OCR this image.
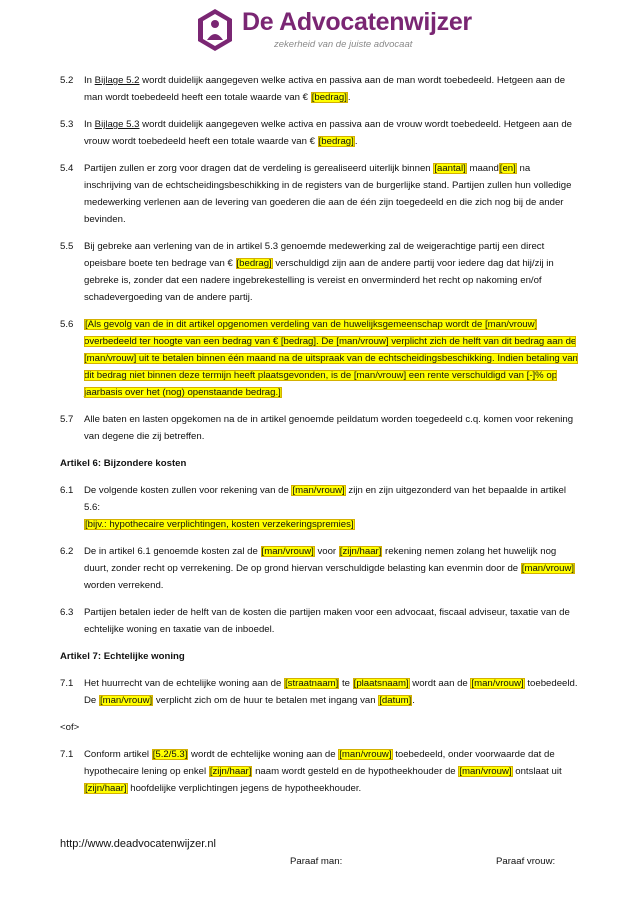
De Advocatenwijzer
zekerheid van de juiste advocaat
5.2 In Bijlage 5.2 wordt duidelijk aangegeven welke activa en passiva aan de man wordt toebedeeld. Hetgeen aan de man wordt toebedeeld heeft een totale waarde van € [bedrag].
5.3 In Bijlage 5.3 wordt duidelijk aangegeven welke activa en passiva aan de vrouw wordt toebedeeld. Hetgeen aan de vrouw wordt toebedeeld heeft een totale waarde van € [bedrag].
5.4 Partijen zullen er zorg voor dragen dat de verdeling is gerealiseerd uiterlijk binnen [aantal] maand[en] na inschrijving van de echtscheidingsbeschikking in de registers van de burgerlijke stand. Partijen zullen hun volledige medewerking verlenen aan de levering van goederen die aan de één zijn toegedeeld en die zich nog bij de ander bevinden.
5.5 Bij gebreke aan verlening van de in artikel 5.3 genoemde medewerking zal de weigerachtige partij een direct opeisbare boete ten bedrage van € [bedrag] verschuldigd zijn aan de andere partij voor iedere dag dat hij/zij in gebreke is, zonder dat een nadere ingebrekestelling is vereist en onverminderd het recht op nakoming en/of schadevergoeding van de andere partij.
5.6 [Als gevolg van de in dit artikel opgenomen verdeling van de huwelijksgemeenschap wordt de [man/vrouw] overbedeeld ter hoogte van een bedrag van € [bedrag]. De [man/vrouw] verplicht zich de helft van dit bedrag aan de [man/vrouw] uit te betalen binnen één maand na de uitspraak van de echtscheidingsbeschikking. Indien betaling van dit bedrag niet binnen deze termijn heeft plaatsgevonden, is de [man/vrouw] een rente verschuldigd van [-]% op jaarbasis over het (nog) openstaande bedrag.]
5.7 Alle baten en lasten opgekomen na de in artikel genoemde peildatum worden toegedeeld c.q. komen voor rekening van degene die zij betreffen.
Artikel 6: Bijzondere kosten
6.1 De volgende kosten zullen voor rekening van de [man/vrouw] zijn en zijn uitgezonderd van het bepaalde in artikel 5.6:
[bijv.: hypothecaire verplichtingen, kosten verzekeringspremies]
6.2 De in artikel 6.1 genoemde kosten zal de [man/vrouw] voor [zijn/haar] rekening nemen zolang het huwelijk nog duurt, zonder recht op verrekening. De op grond hiervan verschuldigde belasting kan evenmin door de [man/vrouw] worden verrekend.
6.3 Partijen betalen ieder de helft van de kosten die partijen maken voor een advocaat, fiscaal adviseur, taxatie van de echtelijke woning en taxatie van de inboedel.
Artikel 7: Echtelijke woning
7.1 Het huurrecht van de echtelijke woning aan de [straatnaam] te [plaatsnaam] wordt aan de [man/vrouw] toebedeeld. De [man/vrouw] verplicht zich om de huur te betalen met ingang van [datum].
<of>
7.1 Conform artikel [5.2/5.3] wordt de echtelijke woning aan de [man/vrouw] toebedeeld, onder voorwaarde dat de hypothecaire lening op enkel [zijn/haar] naam wordt gesteld en de hypotheekhouder de [man/vrouw] ontslaat uit [zijn/haar] hoofdelijke verplichtingen jegens de hypotheekhouder.
http://www.deadvocatenwijzer.nl
Paraaf man:	Paraaf vrouw:
